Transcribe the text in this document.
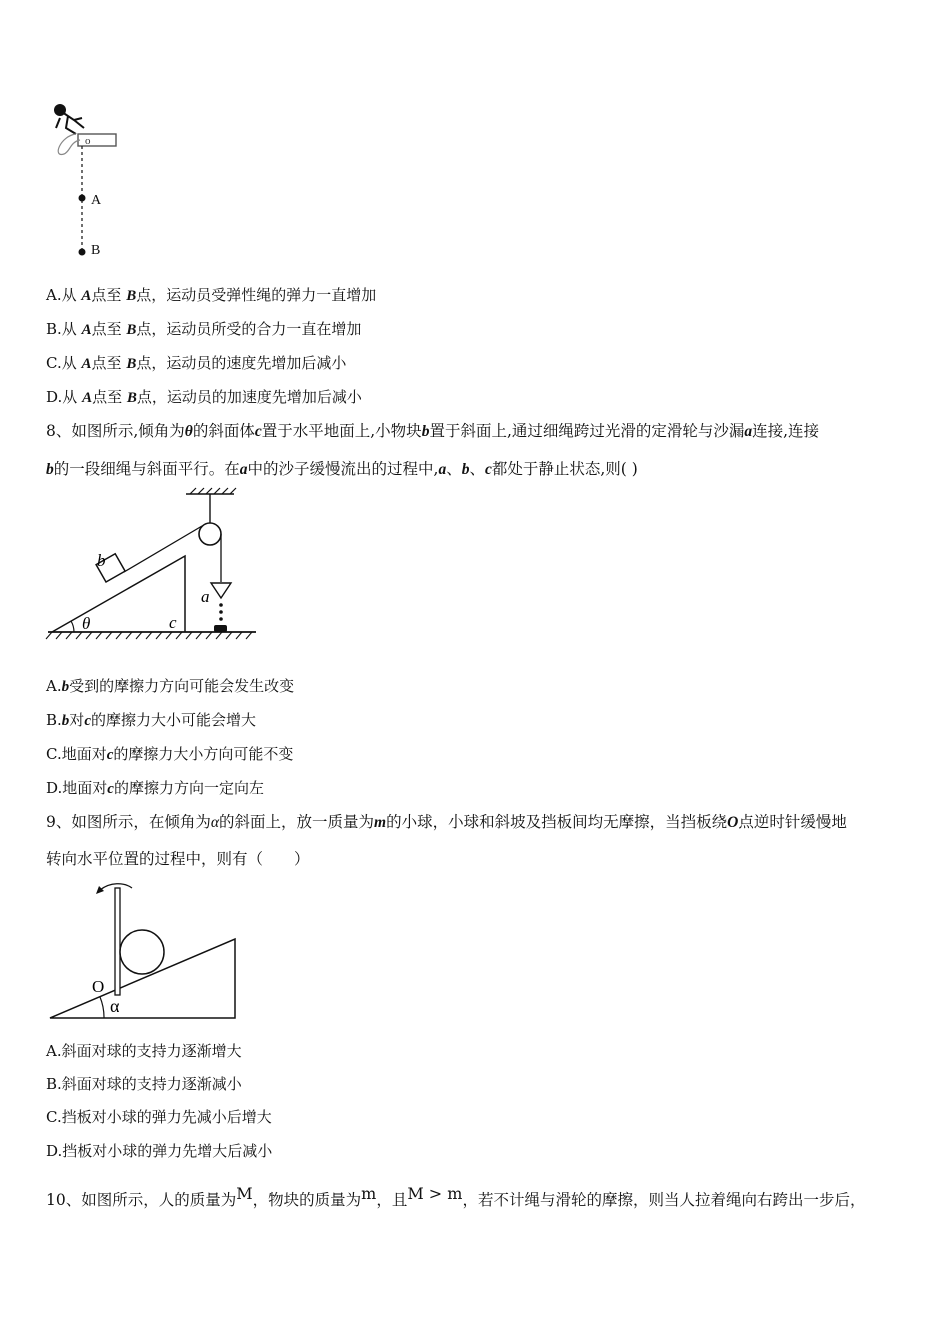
o
A
B
A.从 A点至 B点，运动员受弹性绳的弹力一直增加
B.从 A点至 B点，运动员所受的合力一直在增加
C.从 A点至 B点，运动员的速度先增加后减小
D.从 A点至 B点，运动员的加速度先增加后减小
8、如图所示,倾角为θ的斜面体c置于水平地面上,小物块b置于斜面上,通过细绳跨过光滑的定滑轮与沙漏a连接,连接
b的一段细绳与斜面平行。在a中的沙子缓慢流出的过程中,a、b、c都处于静止状态,则( )
b
a
c
θ
A.b受到的摩擦力方向可能会发生改变
B.b对c的摩擦力大小可能会增大
C.地面对c的摩擦力大小方向可能不变
D.地面对c的摩擦力方向一定向左
9、如图所示，在倾角为α的斜面上，放一质量为m的小球，小球和斜坡及挡板间均无摩擦，当挡板绕O点逆时针缓慢地
转向水平位置的过程中，则有（　　）
O
α
A.斜面对球的支持力逐渐增大
B.斜面对球的支持力逐渐减小
C.挡板对小球的弹力先减小后增大
D.挡板对小球的弹力先增大后减小
10、如图所示，人的质量为$^M$，物块的质量为$^m$，且$^{M > m}$，若不计绳与滑轮的摩擦，则当人拉着绳向右跨出一步后，
